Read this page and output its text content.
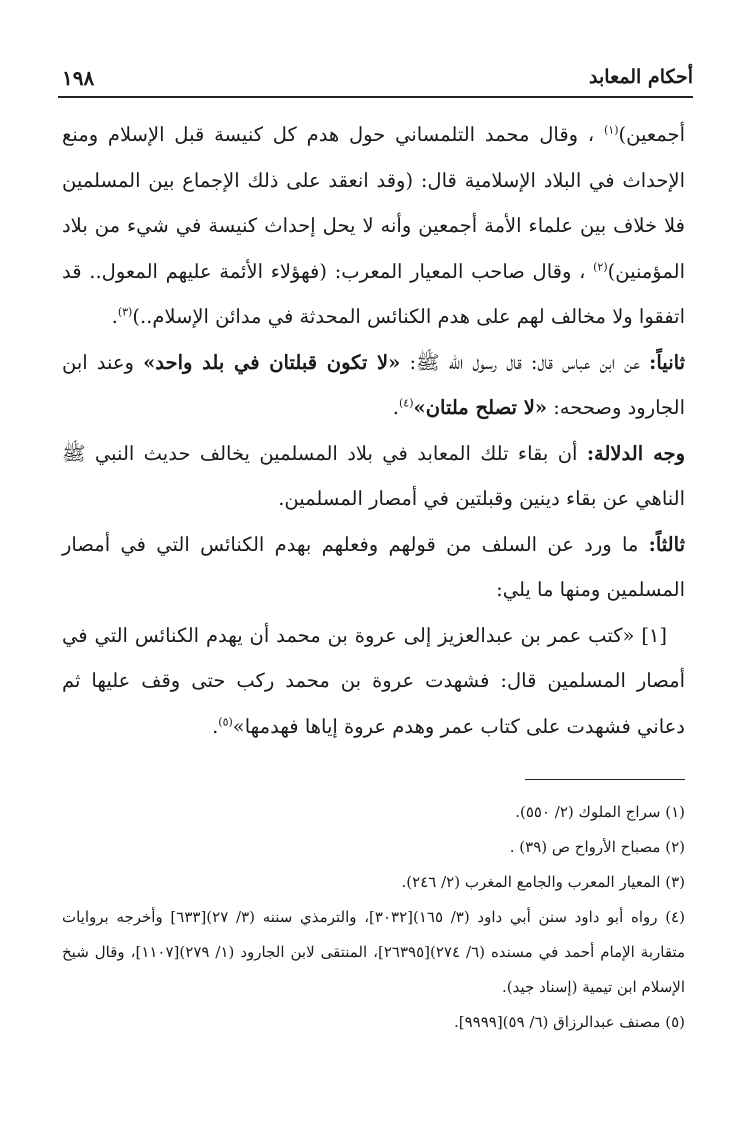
أحكام المعابد
١٩٨

أجمعين)$^{(١)}$ ، وقال محمد التلمساني حول هدم كل كنيسة قبل الإسلام ومنع الإحداث في البلاد الإسلامية قال: (وقد انعقد على ذلك الإجماع بين المسلمين فلا خلاف بين علماء الأمة أجمعين وأنه لا يحل إحداث كنيسة في شيء من بلاد المؤمنين)$^{(٢)}$ ، وقال صاحب المعيار المعرب: (فهؤلاء الأئمة عليهم المعول.. قد اتفقوا ولا مخالف لهم على هدم الكنائس المحدثة في مدائن الإسلام..)$^{(٣)}$.

ثانياً: عن ابن عباس قال: قال رسول الله ﷺ: «لا تكون قبلتان في بلد واحد» وعند ابن الجارود وصححه: «لا تصلح ملتان»$^{(٤)}$.

وجه الدلالة: أن بقاء تلك المعابد في بلاد المسلمين يخالف حديث النبي ﷺ الناهي عن بقاء دينين وقبلتين في أمصار المسلمين.

ثالثاً: ما ورد عن السلف من قولهم وفعلهم بهدم الكنائس التي في أمصار المسلمين ومنها ما يلي:

[١] «كتب عمر بن عبدالعزيز إلى عروة بن محمد أن يهدم الكنائس التي في أمصار المسلمين قال: فشهدت عروة بن محمد ركب حتى وقف عليها ثم دعاني فشهدت على كتاب عمر وهدم عروة إياها فهدمها»$^{(٥)}$.

(١) سراج الملوك (٢/ ٥٥٠).

(٢) مصباح الأرواح ص (٣٩) .

(٣) المعيار المعرب والجامع المغرب (٢/ ٢٤٦).

(٤) رواه أبو داود سنن أبي داود (٣/ ١٦٥)[٣٠٣٢]، والترمذي سننه (٣/ ٢٧)[٦٣٣] وأخرجه بروايات متقاربة الإمام أحمد في مسنده (٦/ ٢٧٤)[٢٦٣٩٥]، المنتقى لابن الجارود (١/ ٢٧٩)[١١٠٧]، وقال شيخ الإسلام ابن تيمية (إسناد جيد).

(٥) مصنف عبدالرزاق (٦/ ٥٩)[٩٩٩٩].
